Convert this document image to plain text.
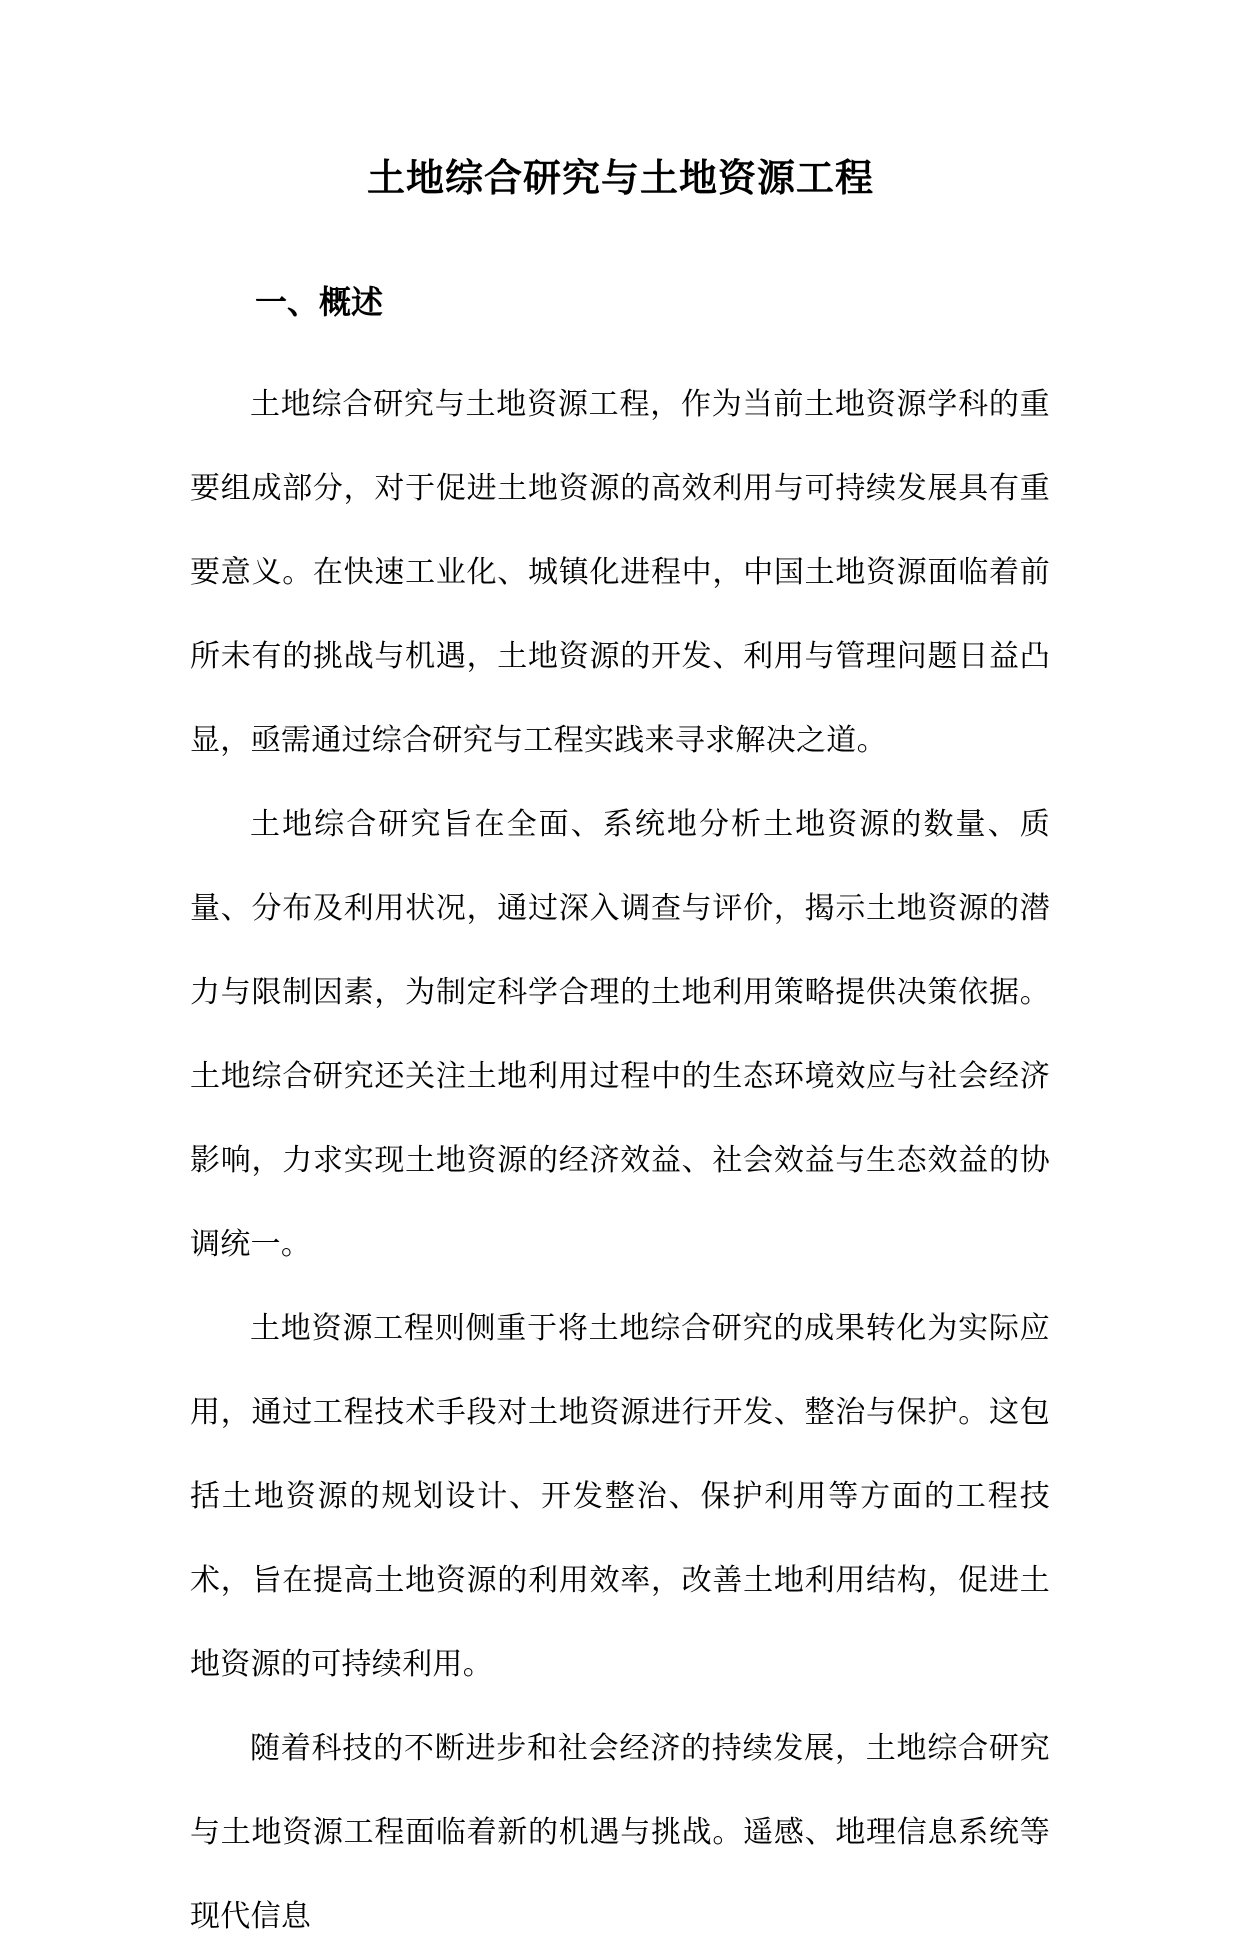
土地综合研究与土地资源工程
一、概述

土地综合研究与土地资源工程，作为当前土地资源学科的重要组成部分，对于促进土地资源的高效利用与可持续发展具有重要意义。在快速工业化、城镇化进程中，中国土地资源面临着前所未有的挑战与机遇，土地资源的开发、利用与管理问题日益凸显，亟需通过综合研究与工程实践来寻求解决之道。

土地综合研究旨在全面、系统地分析土地资源的数量、质量、分布及利用状况，通过深入调查与评价，揭示土地资源的潜力与限制因素，为制定科学合理的土地利用策略提供决策依据。土地综合研究还关注土地利用过程中的生态环境效应与社会经济影响，力求实现土地资源的经济效益、社会效益与生态效益的协调统一。

土地资源工程则侧重于将土地综合研究的成果转化为实际应用，通过工程技术手段对土地资源进行开发、整治与保护。这包括土地资源的规划设计、开发整治、保护利用等方面的工程技术，旨在提高土地资源的利用效率，改善土地利用结构，促进土地资源的可持续利用。

随着科技的不断进步和社会经济的持续发展，土地综合研究与土地资源工程面临着新的机遇与挑战。遥感、地理信息系统等现代信息
